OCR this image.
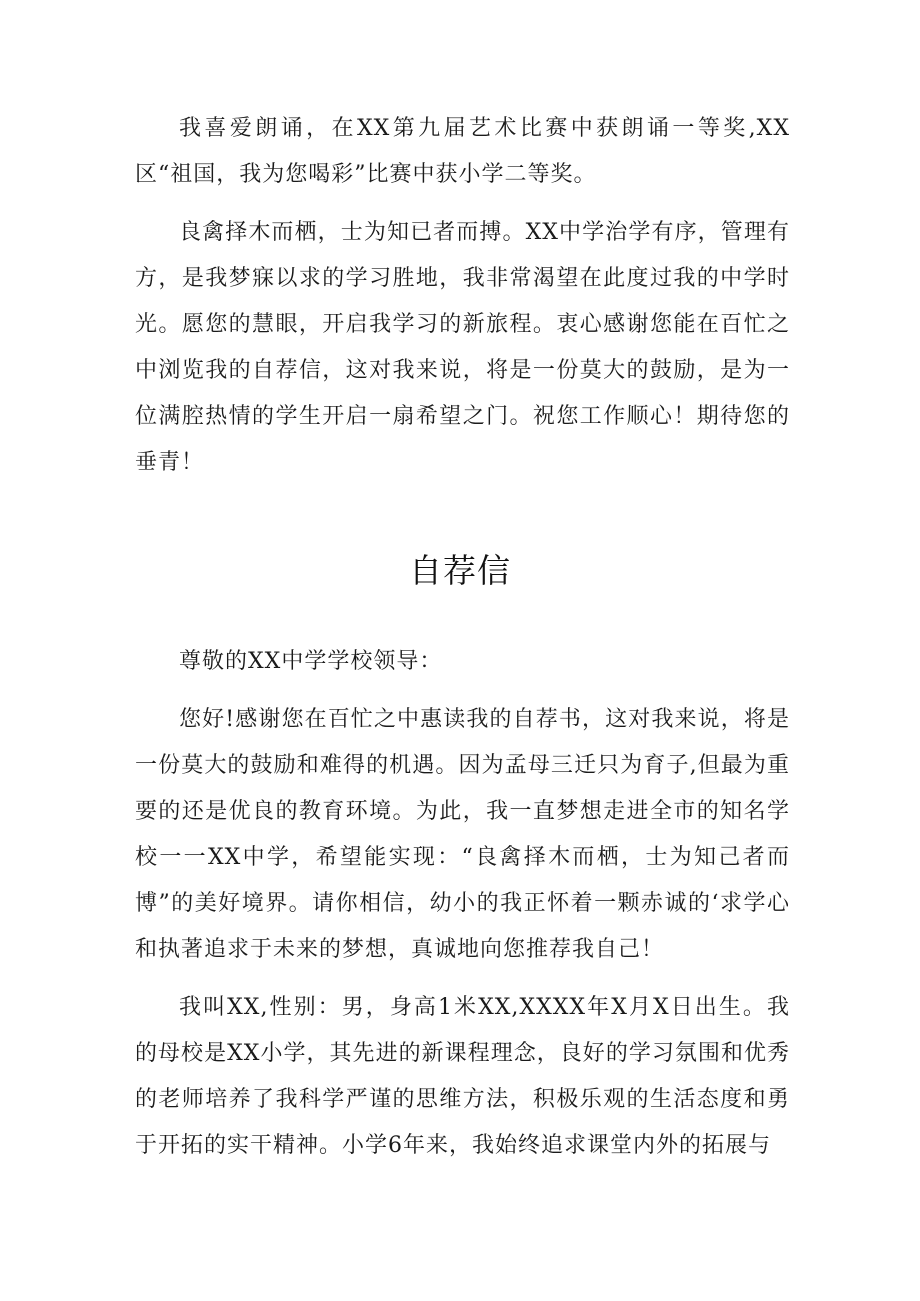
我喜爱朗诵，在XX第九届艺术比赛中获朗诵一等奖,XX区“祖国，我为您喝彩”比赛中获小学二等奖。

良禽择木而栖，士为知已者而搏。XX中学治学有序，管理有方，是我梦寐以求的学习胜地，我非常渴望在此度过我的中学时光。愿您的慧眼，开启我学习的新旅程。衷心感谢您能在百忙之中浏览我的自荐信，这对我来说，将是一份莫大的鼓励，是为一位满腔热情的学生开启一扇希望之门。祝您工作顺心！期待您的垂青！

自荐信

尊敬的XX中学学校领导：

您好!感谢您在百忙之中惠读我的自荐书，这对我来说，将是一份莫大的鼓励和难得的机遇。因为孟母三迁只为育子,但最为重要的还是优良的教育环境。为此，我一直梦想走进全市的知名学校一一XX中学，希望能实现：“良禽择木而栖，士为知己者而博”的美好境界。请你相信，幼小的我正怀着一颗赤诚的‘求学心和执著追求于未来的梦想，真诚地向您推荐我自己！

我叫XX,性别：男，身高1米XX,XXXX年X月X日出生。我的母校是XX小学，其先进的新课程理念，良好的学习氛围和优秀的老师培养了我科学严谨的思维方法，积极乐观的生活态度和勇于开拓的实干精神。小学6年来，我始终追求课堂内外的拓展与
